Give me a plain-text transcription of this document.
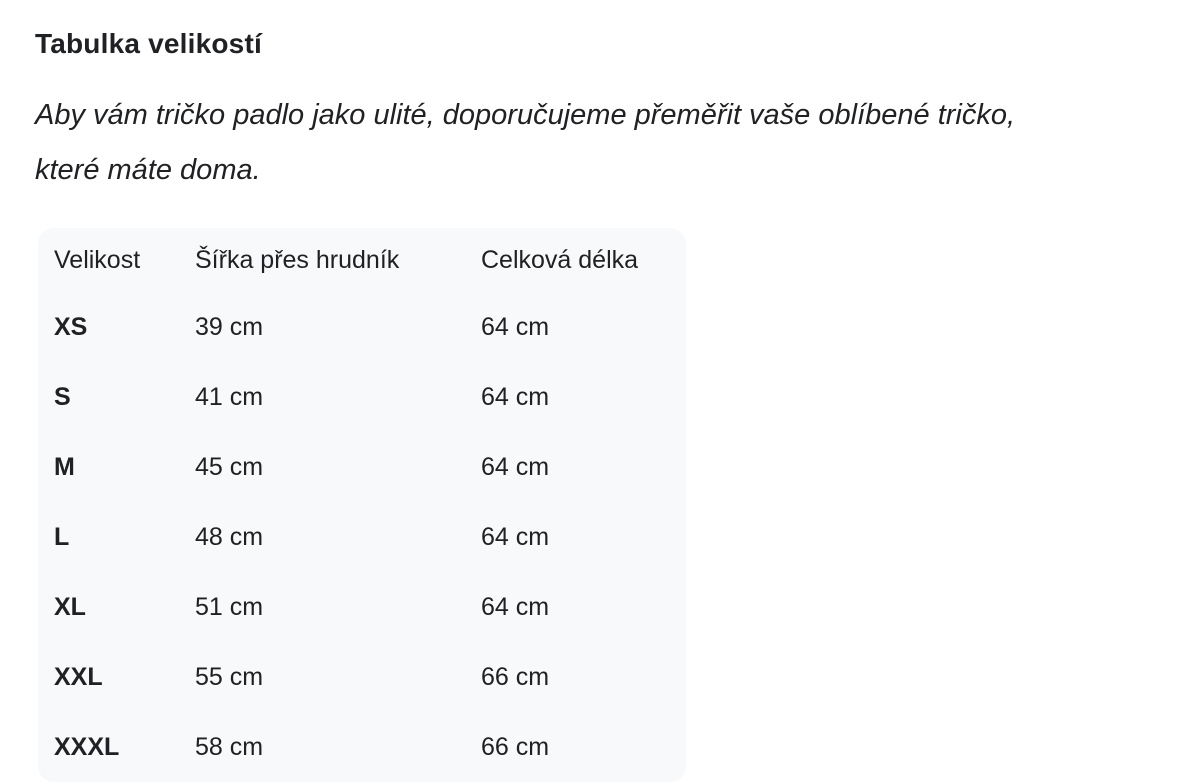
Tabulka velikostí
Aby vám tričko padlo jako ulité, doporučujeme přeměřit vaše oblíbené tričko,
které máte doma.
Velikost	Šířka přes hrudník	Celková délka
XS	39 cm	64 cm
S	41 cm	64 cm
M	45 cm	64 cm
L	48 cm	64 cm
XL	51 cm	64 cm
XXL	55 cm	66 cm
XXXL	58 cm	66 cm
